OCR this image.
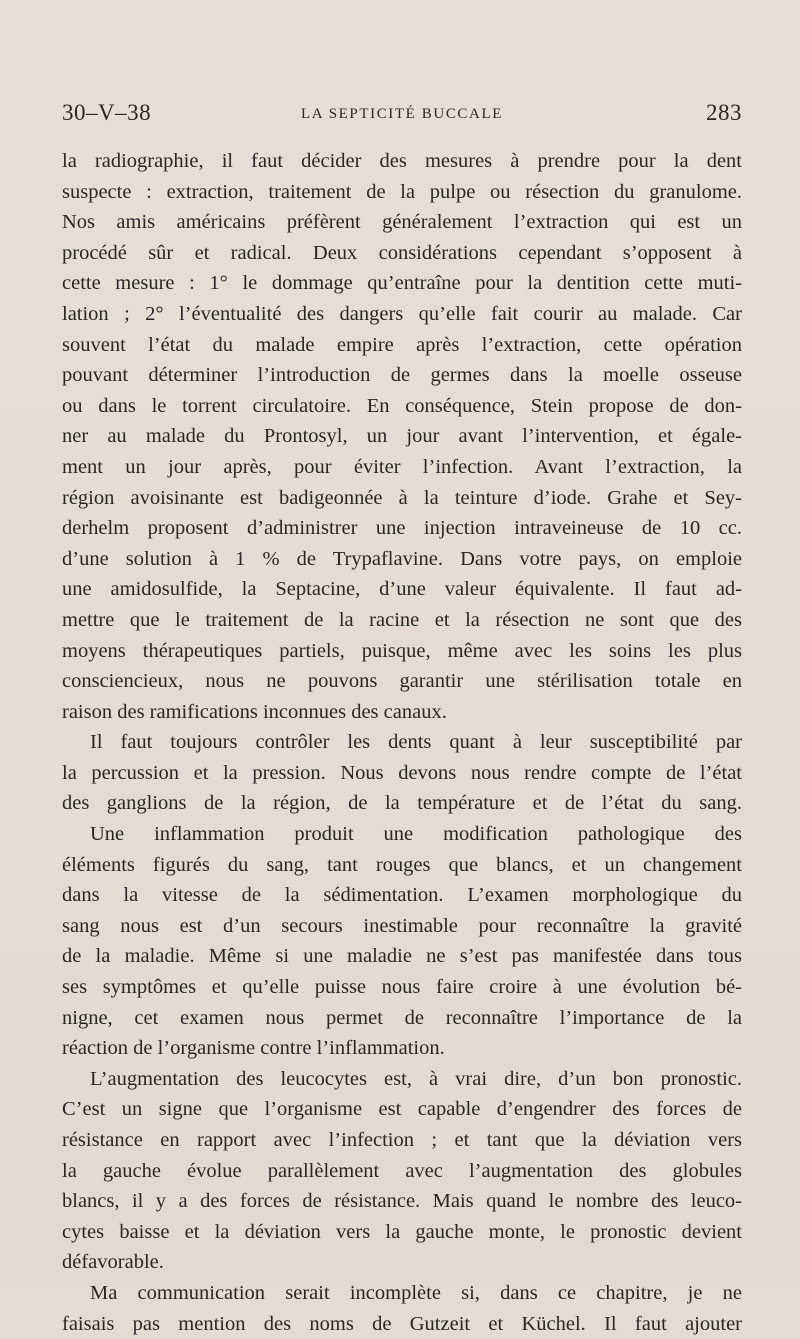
30–V–38	LA SEPTICITÉ BUCCALE	283
la radiographie, il faut décider des mesures à prendre pour la dent
suspecte : extraction, traitement de la pulpe ou résection du granulome.
Nos amis américains préfèrent généralement l’extraction qui est un
procédé sûr et radical. Deux considérations cependant s’opposent à
cette mesure : 1° le dommage qu’entraîne pour la dentition cette muti-
lation ; 2° l’éventualité des dangers qu’elle fait courir au malade. Car
souvent l’état du malade empire après l’extraction, cette opération
pouvant déterminer l’introduction de germes dans la moelle osseuse
ou dans le torrent circulatoire. En conséquence, Stein propose de don-
ner au malade du Prontosyl, un jour avant l’intervention, et égale-
ment un jour après, pour éviter l’infection. Avant l’extraction, la
région avoisinante est badigeonnée à la teinture d’iode. Grahe et Sey-
derhelm proposent d’administrer une injection intraveineuse de 10 cc.
d’une solution à 1 % de Trypaflavine. Dans votre pays, on emploie
une amidosulfide, la Septacine, d’une valeur équivalente. Il faut ad-
mettre que le traitement de la racine et la résection ne sont que des
moyens thérapeutiques partiels, puisque, même avec les soins les plus
consciencieux, nous ne pouvons garantir une stérilisation totale en
raison des ramifications inconnues des canaux.
Il faut toujours contrôler les dents quant à leur susceptibilité par
la percussion et la pression. Nous devons nous rendre compte de l’état
des ganglions de la région, de la température et de l’état du sang.
Une inflammation produit une modification pathologique des
éléments figurés du sang, tant rouges que blancs, et un changement
dans la vitesse de la sédimentation. L’examen morphologique du
sang nous est d’un secours inestimable pour reconnaître la gravité
de la maladie. Même si une maladie ne s’est pas manifestée dans tous
ses symptômes et qu’elle puisse nous faire croire à une évolution bé-
nigne, cet examen nous permet de reconnaître l’importance de la
réaction de l’organisme contre l’inflammation.
L’augmentation des leucocytes est, à vrai dire, d’un bon pronostic.
C’est un signe que l’organisme est capable d’engendrer des forces de
résistance en rapport avec l’infection ; et tant que la déviation vers
la gauche évolue parallèlement avec l’augmentation des globules
blancs, il y a des forces de résistance. Mais quand le nombre des leuco-
cytes baisse et la déviation vers la gauche monte, le pronostic devient
défavorable.
Ma communication serait incomplète si, dans ce chapitre, je ne
faisais pas mention des noms de Gutzeit et Küchel. Il faut ajouter
